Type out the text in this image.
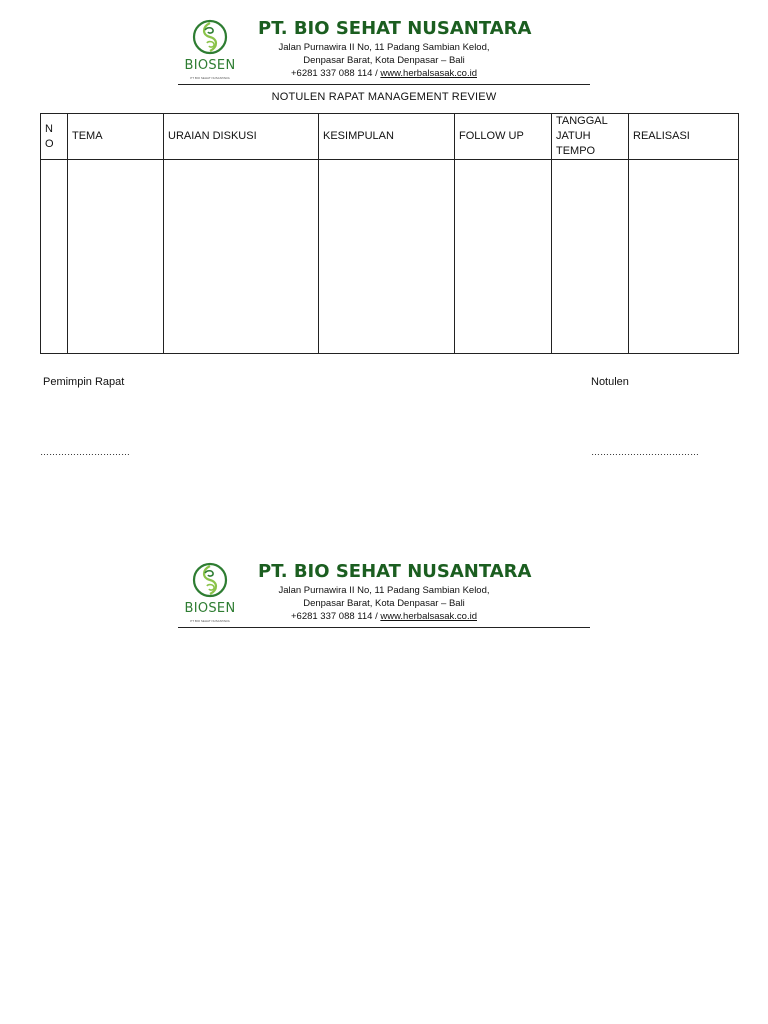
BIOSEN
PT BIO SEHAT NUSANTARA
PT. BIO SEHAT NUSANTARA
Jalan Purnawira II No, 11 Padang Sambian Kelod,
Denpasar Barat, Kota Denpasar – Bali
+6281 337 088 114 / www.herbalsasak.co.id
NOTULEN RAPAT MANAGEMENT REVIEW
N O	TEMA	URAIAN DISKUSI	KESIMPULAN	FOLLOW UP	TANGGAL JATUH TEMPO	REALISASI

Pemimpin Rapat	Notulen
…………………………	………………………………
BIOSEN
PT BIO SEHAT NUSANTARA
PT. BIO SEHAT NUSANTARA
Jalan Purnawira II No, 11 Padang Sambian Kelod,
Denpasar Barat, Kota Denpasar – Bali
+6281 337 088 114 / www.herbalsasak.co.id
